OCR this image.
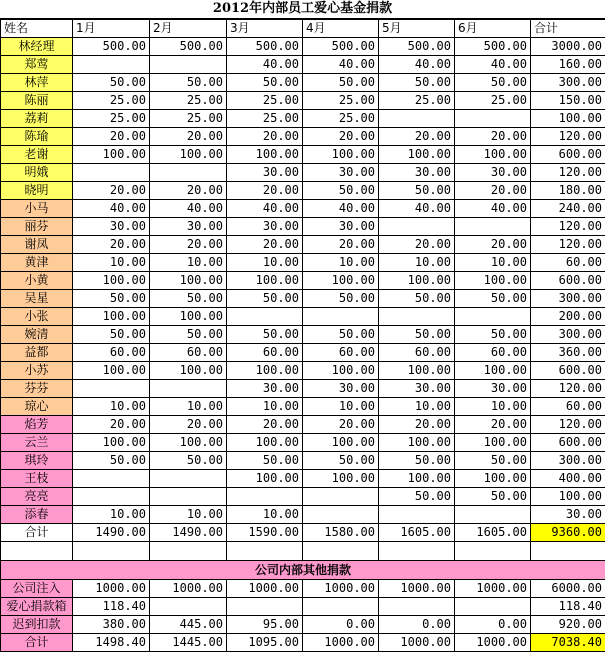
2012年内部员工爱心基金捐款
姓名	1月	2月	3月	4月	5月	6月	合计
林经理	500.00	500.00	500.00	500.00	500.00	500.00	3000.00
郑莺			40.00	40.00	40.00	40.00	160.00
林萍	50.00	50.00	50.00	50.00	50.00	50.00	300.00
陈丽	25.00	25.00	25.00	25.00	25.00	25.00	150.00
荔莉	25.00	25.00	25.00	25.00			100.00
陈瑜	20.00	20.00	20.00	20.00	20.00	20.00	120.00
老谢	100.00	100.00	100.00	100.00	100.00	100.00	600.00
明娥			30.00	30.00	30.00	30.00	120.00
晓明	20.00	20.00	20.00	50.00	50.00	20.00	180.00
小马	40.00	40.00	40.00	40.00	40.00	40.00	240.00
丽芬	30.00	30.00	30.00	30.00			120.00
谢凤	20.00	20.00	20.00	20.00	20.00	20.00	120.00
黄津	10.00	10.00	10.00	10.00	10.00	10.00	60.00
小黄	100.00	100.00	100.00	100.00	100.00	100.00	600.00
吴星	50.00	50.00	50.00	50.00	50.00	50.00	300.00
小张	100.00	100.00					200.00
婉清	50.00	50.00	50.00	50.00	50.00	50.00	300.00
益都	60.00	60.00	60.00	60.00	60.00	60.00	360.00
小苏	100.00	100.00	100.00	100.00	100.00	100.00	600.00
芬芬			30.00	30.00	30.00	30.00	120.00
琼心	10.00	10.00	10.00	10.00	10.00	10.00	60.00
焰芳	20.00	20.00	20.00	20.00	20.00	20.00	120.00
云兰	100.00	100.00	100.00	100.00	100.00	100.00	600.00
琪玲	50.00	50.00	50.00	50.00	50.00	50.00	300.00
王枝			100.00	100.00	100.00	100.00	400.00
亮亮					50.00	50.00	100.00
添春	10.00	10.00	10.00				30.00
合计	1490.00	1490.00	1590.00	1580.00	1605.00	1605.00	9360.00

公司内部其他捐款							
公司注入	1000.00	1000.00	1000.00	1000.00	1000.00	1000.00	6000.00
爱心捐款箱	118.40						118.40
迟到扣款	380.00	445.00	95.00	0.00	0.00	0.00	920.00
合计	1498.40	1445.00	1095.00	1000.00	1000.00	1000.00	7038.40
